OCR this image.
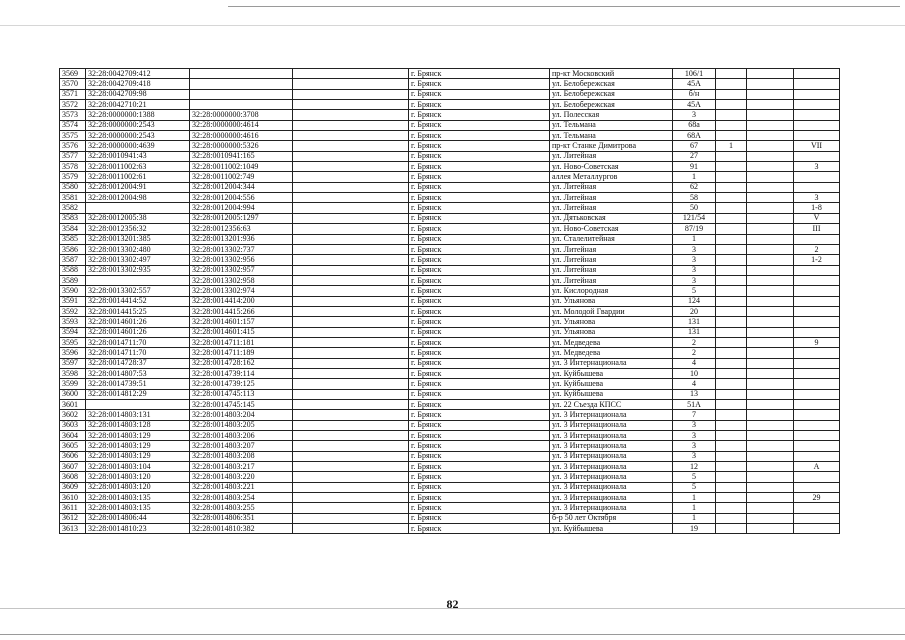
3569	32:28:0042709:412			г. Брянск	пр-кт Московский	106/1			
3570	32:28:0042709:418			г. Брянск	ул. Белобережская	45А			
3571	32:28:0042709:98			г. Брянск	ул. Белобережская	б/н			
3572	32:28:0042710:21			г. Брянск	ул. Белобережская	45А			
3573	32:28:0000000:1388	32:28:0000000:3708		г. Брянск	ул. Полесская	3			
3574	32:28:0000000:2543	32:28:0000000:4614		г. Брянск	ул. Тельмана	68а			
3575	32:28:0000000:2543	32:28:0000000:4616		г. Брянск	ул. Тельмана	68А			
3576	32:28:0000000:4639	32:28:0000000:5326		г. Брянск	пр-кт Станке Димитрова	67	1		VII
3577	32:28:0010941:43	32:28:0010941:165		г. Брянск	ул. Литейная	27			
3578	32:28:0011002:63	32:28:0011002:1049		г. Брянск	ул. Ново-Советская	91			3
3579	32:28:0011002:61	32:28:0011002:749		г. Брянск	аллея Металлургов	1			
3580	32:28:0012004:91	32:28:0012004:344		г. Брянск	ул. Литейная	62			
3581	32:28:0012004:98	32:28:0012004:556		г. Брянск	ул. Литейная	58			3
3582		32:28:0012004:994		г. Брянск	ул. Литейная	50			1-8
3583	32:28:0012005:38	32:28:0012005:1297		г. Брянск	ул. Дятьковская	121/54			V
3584	32:28:0012356:32	32:28:0012356:63		г. Брянск	ул. Ново-Советская	87/19			III
3585	32:28:0013201:385	32:28:0013201:936		г. Брянск	ул. Сталелитейная	1			
3586	32:28:0013302:480	32:28:0013302:737		г. Брянск	ул. Литейная	3			2
3587	32:28:0013302:497	32:28:0013302:956		г. Брянск	ул. Литейная	3			1-2
3588	32:28:0013302:935	32:28:0013302:957		г. Брянск	ул. Литейная	3			
3589		32:28:0013302:958		г. Брянск	ул. Литейная	3			
3590	32:28:0013302:557	32:28:0013302:974		г. Брянск	ул. Кислородная	5			
3591	32:28:0014414:52	32:28:0014414:200		г. Брянск	ул. Ульянова	124			
3592	32:28:0014415:25	32:28:0014415:266		г. Брянск	ул. Молодой Гвардии	20			
3593	32:28:0014601:26	32:28:0014601:157		г. Брянск	ул. Ульянова	131			
3594	32:28:0014601:26	32:28:0014601:415		г. Брянск	ул. Ульянова	131			
3595	32:28:0014711:70	32:28:0014711:181		г. Брянск	ул. Медведева	2			9
3596	32:28:0014711:70	32:28:0014711:189		г. Брянск	ул. Медведева	2			
3597	32:28:0014728:37	32:28:0014728:162		г. Брянск	ул. 3 Интернационала	4			
3598	32:28:0014807:53	32:28:0014739:114		г. Брянск	ул. Куйбышева	10			
3599	32:28:0014739:51	32:28:0014739:125		г. Брянск	ул. Куйбышева	4			
3600	32:28:0014812:29	32:28:0014745:113		г. Брянск	ул. Куйбышева	13			
3601		32:28:0014745:145		г. Брянск	ул. 22 Съезда КПСС	51А			
3602	32:28:0014803:131	32:28:0014803:204		г. Брянск	ул. 3 Интернационала	7			
3603	32:28:0014803:128	32:28:0014803:205		г. Брянск	ул. 3 Интернационала	3			
3604	32:28:0014803:129	32:28:0014803:206		г. Брянск	ул. 3 Интернационала	3			
3605	32:28:0014803:129	32:28:0014803:207		г. Брянск	ул. 3 Интернационала	3			
3606	32:28:0014803:129	32:28:0014803:208		г. Брянск	ул. 3 Интернационала	3			
3607	32:28:0014803:104	32:28:0014803:217		г. Брянск	ул. 3 Интернационала	12			А
3608	32:28:0014803:120	32:28:0014803:220		г. Брянск	ул. 3 Интернационала	5			
3609	32:28:0014803:120	32:28:0014803:221		г. Брянск	ул. 3 Интернационала	5			
3610	32:28:0014803:135	32:28:0014803:254		г. Брянск	ул. 3 Интернационала	1			29
3611	32:28:0014803:135	32:28:0014803:255		г. Брянск	ул. 3 Интернационала	1			
3612	32:28:0014806:44	32:28:0014806:351		г. Брянск	б-р 50 лет Октября	1			
3613	32:28:0014810:23	32:28:0014810:382		г. Брянск	ул. Куйбышева	19			
82
